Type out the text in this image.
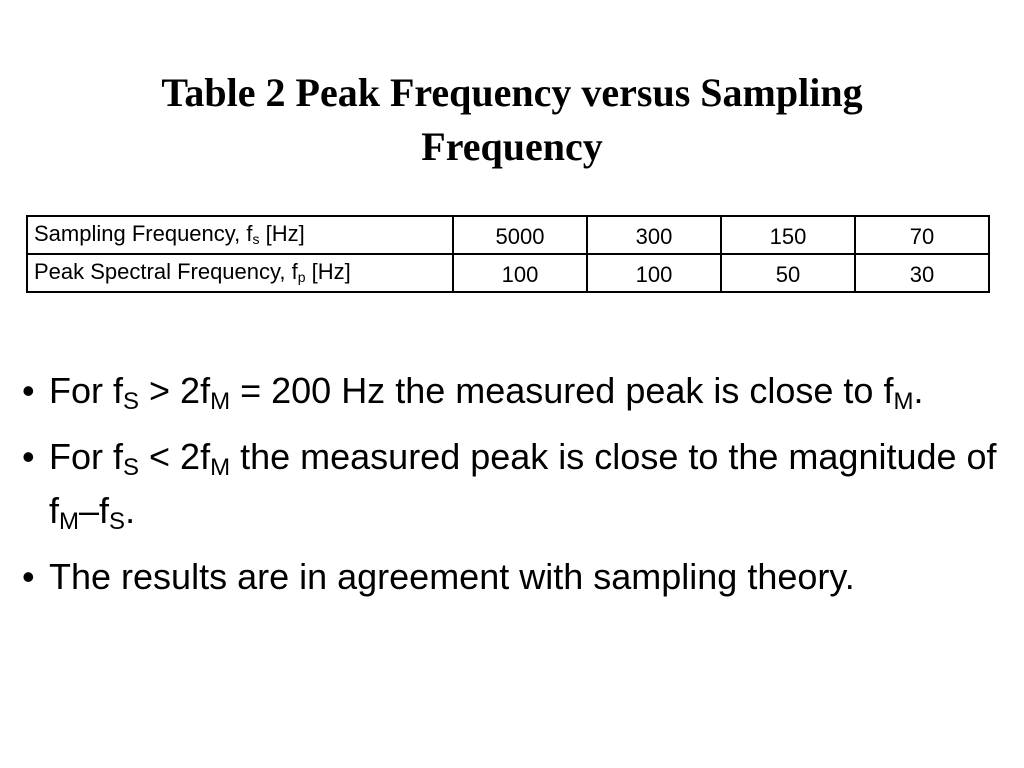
Table 2 Peak Frequency versus Sampling
Frequency
Sampling Frequency, $f_s$ [Hz]	5000	300	150	70
Peak Spectral Frequency, $f_p$ [Hz]	100	100	50	30
• For $f_S > 2f_M = 200$ Hz the measured peak is close to $f_M$.
• For $f_S < 2f_M$ the measured peak is close to the magnitude of $f_M-f_S$.
• The results are in agreement with sampling theory.
